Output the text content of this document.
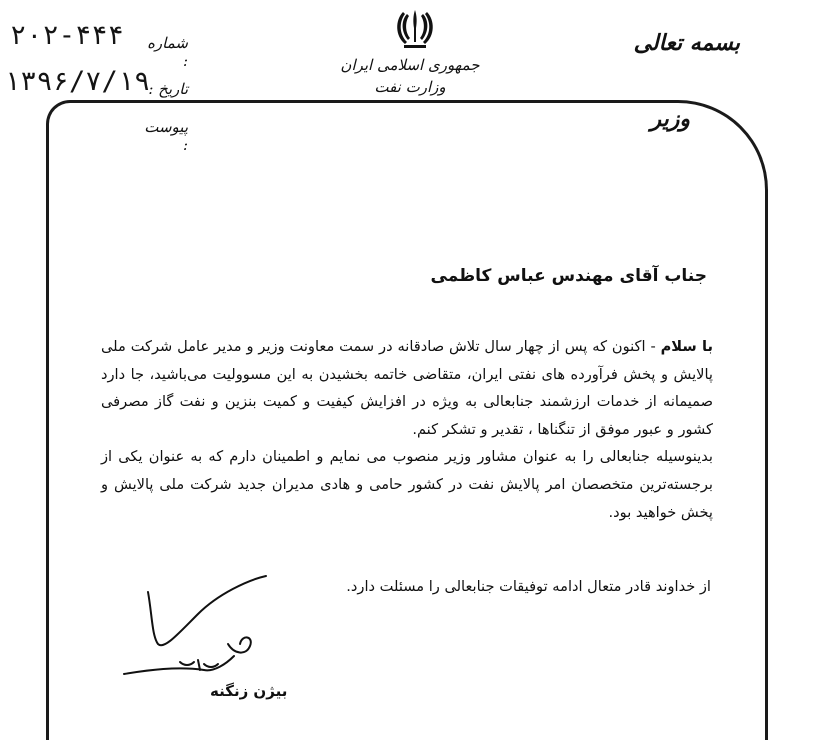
جمهوری اسلامی ایران
وزارت نفت
بسمه تعالی
وزیر
۲۰۲-۴۴۴	شماره :
۱۳۹۶/۷/۱۹
تاریخ :
پیوست :
جناب آقای مهندس عباس کاظمی

با سلام - اکنون که پس از چهار سال تلاش صادقانه در سمت معاونت وزیر و مدیر عامل شرکت ملی پالایش و پخش فرآورده های نفتی ایران، متقاضی خاتمه بخشیدن به این مسوولیت می‌باشید، جا دارد صمیمانه از خدمات ارزشمند جنابعالی به ویژه در افزایش کیفیت و کمیت بنزین و نفت گاز مصرفی کشور و عبور موفق از تنگناها ، تقدیر و تشکر کنم.

بدینوسیله جنابعالی را به عنوان مشاور وزیر منصوب می نمایم و اطمینان دارم که به عنوان یکی از برجسته‌ترین متخصصان امر پالایش نفت در کشور حامی و هادی مدیران جدید شرکت ملی پالایش و پخش خواهید بود.

از خداوند قادر متعال ادامه توفیقات جنابعالی را مسئلت دارد.
بیژن زنگنه
